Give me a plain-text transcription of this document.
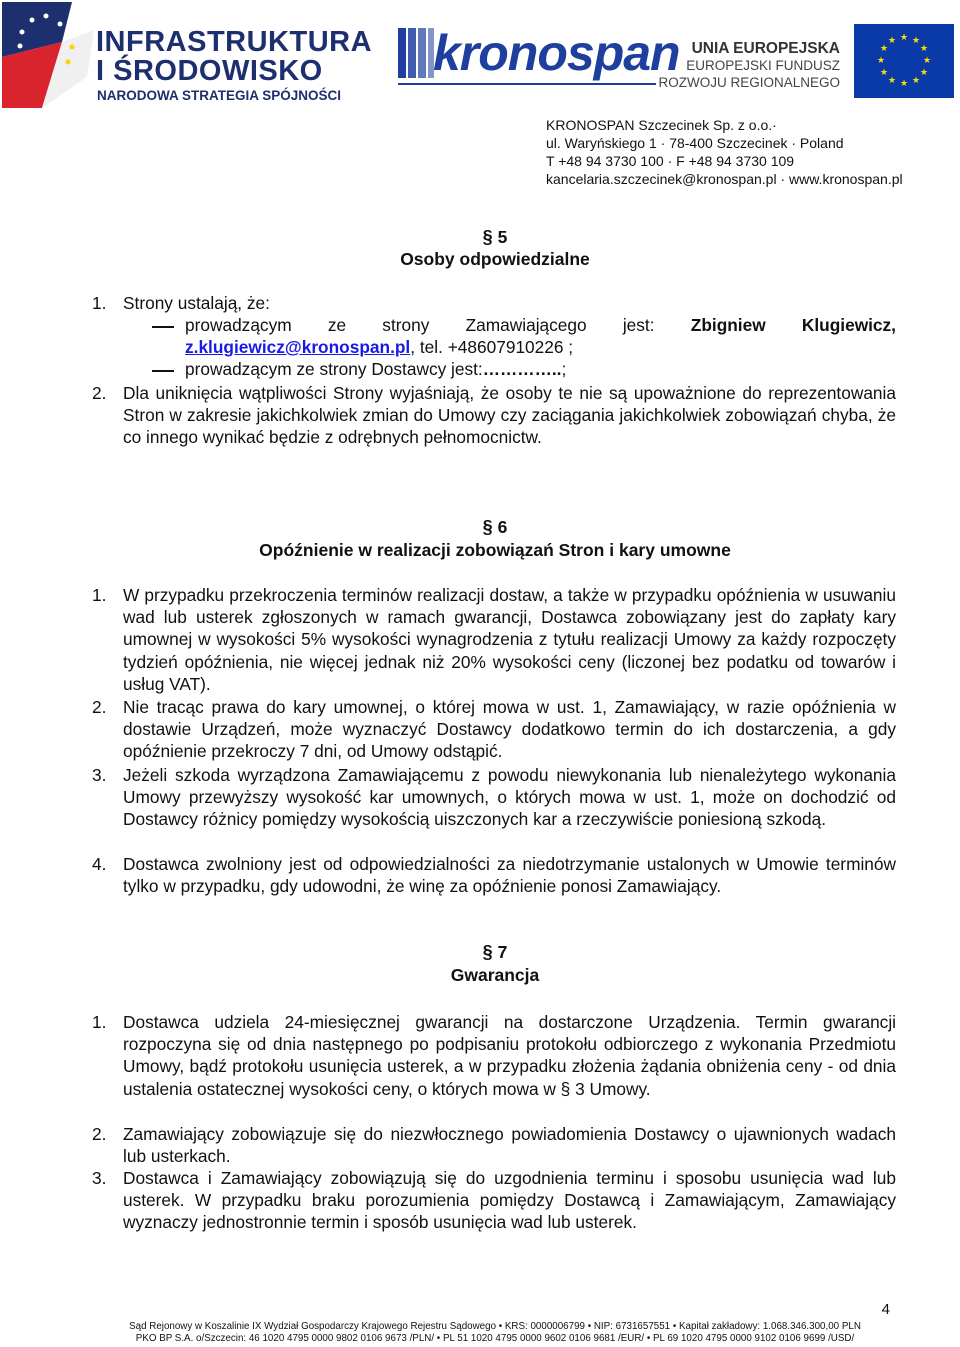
INFRASTRUKTURA
I ŚRODOWISKO
NARODOWA STRATEGIA SPÓJNOŚCI
kronospan UNIA EUROPEJSKA
EUROPEJSKI FUNDUSZ
ROZWOJU REGIONALNEGO
★ ★
★
★
★
★
★
★
★
★
★
★
KRONOSPAN Szczecinek Sp. z o.o.·
ul. Waryńskiego 1 · 78-400 Szczecinek · Poland
T +48 94 3730 100 · F +48 94 3730 109
kancelaria.szczecinek@kronospan.pl · www.kronospan.pl
§ 5
Osoby odpowiedzialne
1. Strony ustalają, że:
prowadzącym ze strony Zamawiającego jest: Zbigniew Klugiewicz,
z.klugiewicz@kronospan.pl, tel. +48607910226 ;
prowadzącym ze strony Dostawcy jest:…………..;
2. Dla uniknięcia wątpliwości Strony wyjaśniają, że osoby te nie są upoważnione do reprezentowania Stron w zakresie jakichkolwiek zmian do Umowy czy zaciągania jakichkolwiek zobowiązań chyba, że co innego wynikać będzie z odrębnych pełnomocnictw.
§ 6
Opóźnienie w realizacji zobowiązań Stron i kary umowne
1. W przypadku przekroczenia terminów realizacji dostaw, a także w przypadku opóźnienia w usuwaniu wad lub usterek zgłoszonych w ramach gwarancji, Dostawca zobowiązany jest do zapłaty kary umownej w wysokości 5% wysokości wynagrodzenia z tytułu realizacji Umowy za każdy rozpoczęty tydzień opóźnienia, nie więcej jednak niż 20% wysokości ceny (liczonej bez podatku od towarów i usług VAT).
2. Nie tracąc prawa do kary umownej, o której mowa w ust. 1, Zamawiający, w razie opóźnienia w dostawie Urządzeń, może wyznaczyć Dostawcy dodatkowo termin do ich dostarczenia, a gdy opóźnienie przekroczy 7 dni, od Umowy odstąpić.
3. Jeżeli szkoda wyrządzona Zamawiającemu z powodu niewykonania lub nienależytego wykonania Umowy przewyższy wysokość kar umownych, o których mowa w ust. 1, może on dochodzić od Dostawcy różnicy pomiędzy wysokością uiszczonych kar a rzeczywiście poniesioną szkodą.
4. Dostawca zwolniony jest od odpowiedzialności za niedotrzymanie ustalonych w Umowie terminów tylko w przypadku, gdy udowodni, że winę za opóźnienie ponosi Zamawiający.
§ 7
Gwarancja
1. Dostawca udziela 24-miesięcznej gwarancji na dostarczone Urządzenia. Termin gwarancji rozpoczyna się od dnia następnego po podpisaniu protokołu odbiorczego z wykonania Przedmiotu Umowy, bądź protokołu usunięcia usterek, a w przypadku złożenia żądania obniżenia ceny - od dnia ustalenia ostatecznej wysokości ceny, o których mowa w § 3 Umowy.
2. Zamawiający zobowiązuje się do niezwłocznego powiadomienia Dostawcy o ujawnionych wadach lub usterkach.
3. Dostawca i Zamawiający zobowiązują się do uzgodnienia terminu i sposobu usunięcia wad lub usterek. W przypadku braku porozumienia pomiędzy Dostawcą i Zamawiającym, Zamawiający wyznaczy jednostronnie termin i sposób usunięcia wad lub usterek.
4
Sąd Rejonowy w Koszalinie IX Wydział Gospodarczy Krajowego Rejestru Sądowego • KRS: 0000006799 • NIP: 6731657551 • Kapitał zakładowy: 1.068.346.300,00 PLN
PKO BP S.A. o/Szczecin: 46 1020 4795 0000 9802 0106 9673 /PLN/ • PL 51 1020 4795 0000 9602 0106 9681 /EUR/ • PL 69 1020 4795 0000 9102 0106 9699 /USD/
